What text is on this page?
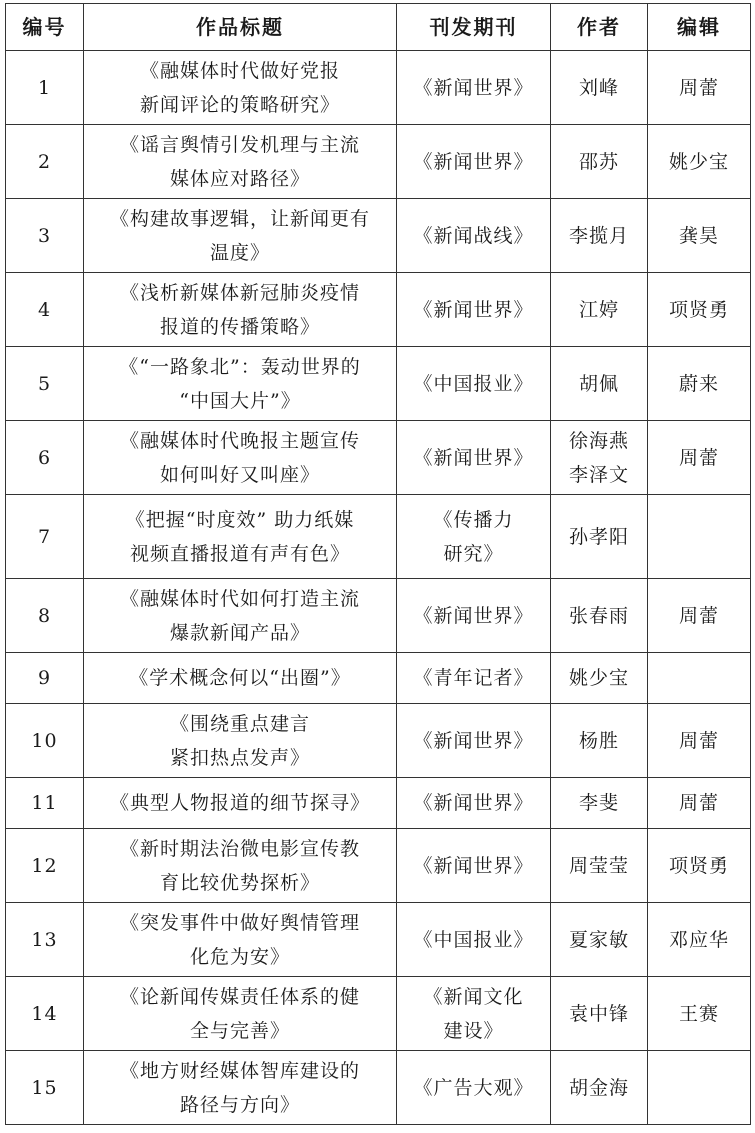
编号	作品标题	刊发期刊	作者	编辑
1	《融媒体时代做好党报
新闻评论的策略研究》	《新闻世界》	刘峰	周蕾
2	《谣言舆情引发机理与主流
媒体应对路径》	《新闻世界》	邵苏	姚少宝
3	《构建故事逻辑，让新闻更有
温度》	《新闻战线》	李揽月	龚昊
4	《浅析新媒体新冠肺炎疫情
报道的传播策略》	《新闻世界》	江婷	项贤勇
5	《“一路象北”：轰动世界的
“中国大片”》	《中国报业》	胡佩	蔚来
6	《融媒体时代晚报主题宣传
如何叫好又叫座》	《新闻世界》	徐海燕
李泽文	周蕾
7	《把握“时度效” 助力纸媒
视频直播报道有声有色》	《传播力
研究》	孙孝阳	

8	《融媒体时代如何打造主流
爆款新闻产品》	《新闻世界》	张春雨	周蕾
9	《学术概念何以“出圈”》	《青年记者》	姚少宝	

10	《围绕重点建言
紧扣热点发声》	《新闻世界》	杨胜	周蕾
11	《典型人物报道的细节探寻》	《新闻世界》	李斐	周蕾
12	《新时期法治微电影宣传教
育比较优势探析》	《新闻世界》	周莹莹	项贤勇
13	《突发事件中做好舆情管理
化危为安》	《中国报业》	夏家敏	邓应华
14	《论新闻传媒责任体系的健
全与完善》	《新闻文化
建设》	袁中锋	王赛
15	《地方财经媒体智库建设的
路径与方向》	《广告大观》	胡金海	
